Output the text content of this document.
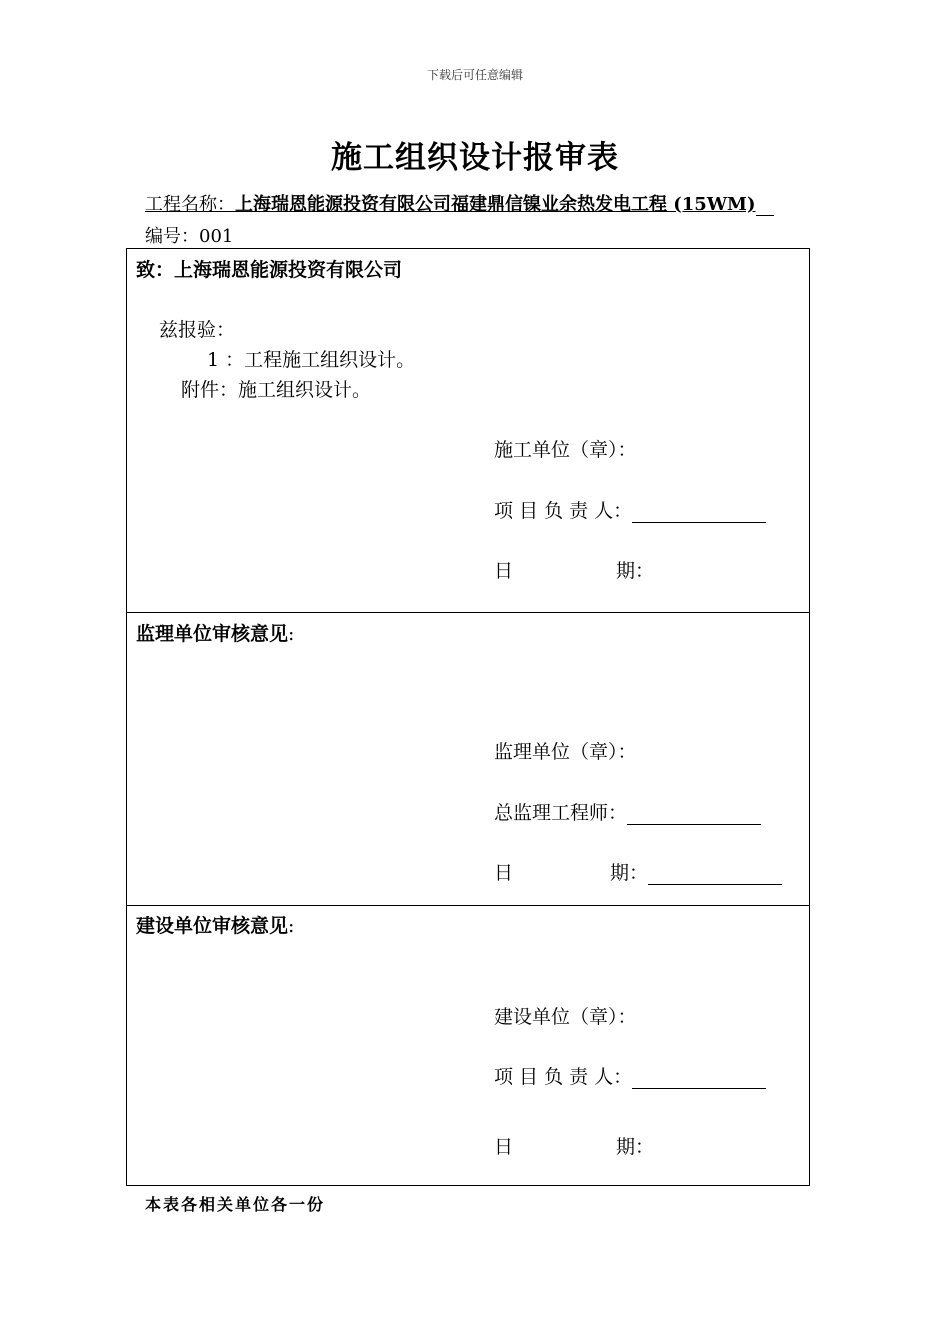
下载后可任意编辑
施工组织设计报审表
工程名称：上海瑞恩能源投资有限公司福建鼎信镍业余热发电工程 (15WM)
编号：001
致：上海瑞恩能源投资有限公司
兹报验：
1 ：工程施工组织设计。
附件：施工组织设计。
施工单位（章）：
项 目 负 责 人：
日	期：
监理单位审核意见:
监理单位（章）：
总监理工程师：
日	期：
建设单位审核意见:
建设单位（章）：
项 目 负 责 人：
日	期：
本表各相关单位各一份
